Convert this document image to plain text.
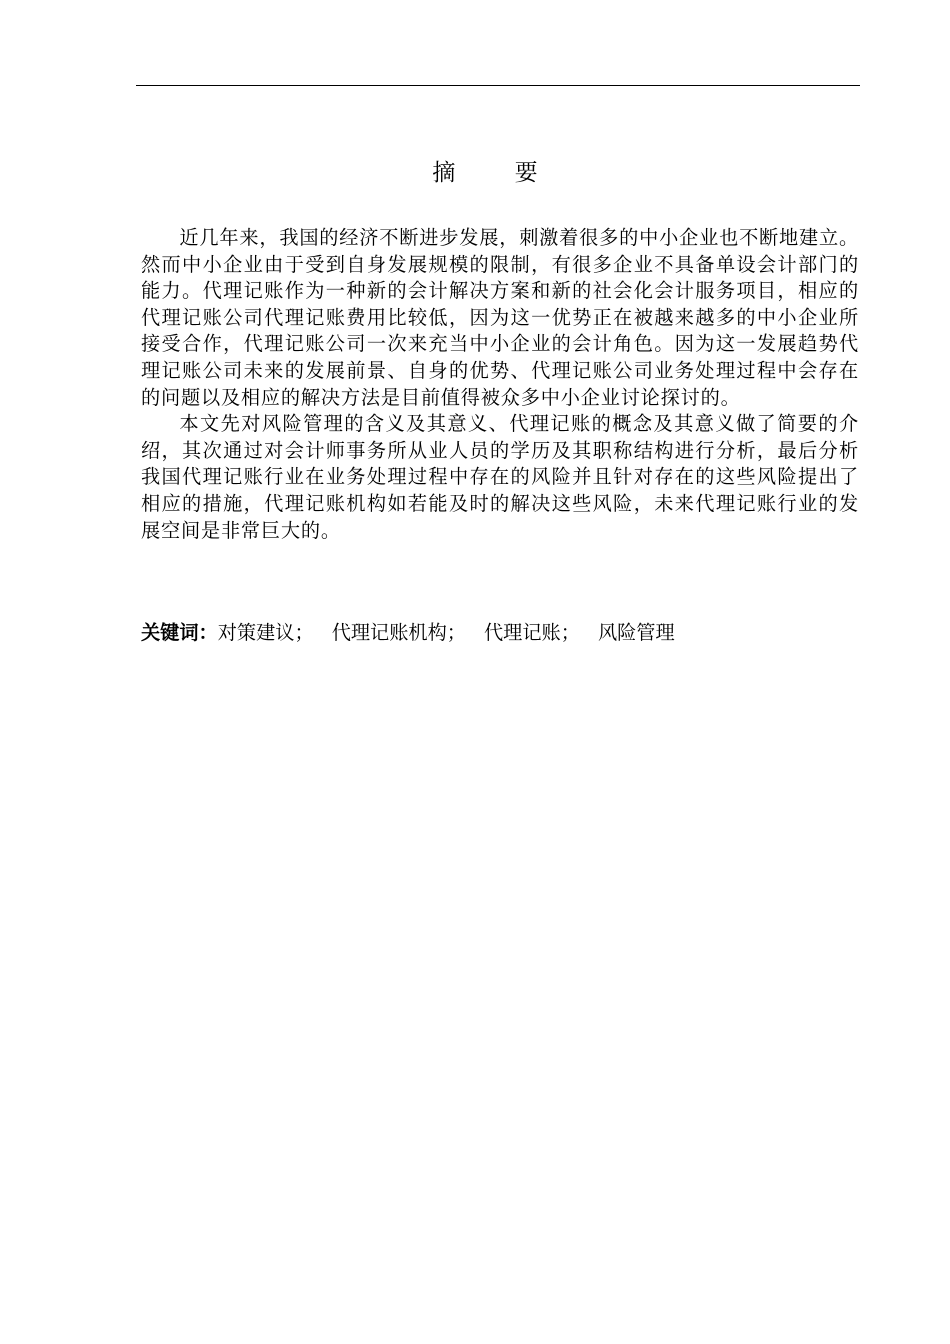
摘 要

近几年来，我国的经济不断进步发展，刺激着很多的中小企业也不断地建立。然而中小企业由于受到自身发展规模的限制，有很多企业不具备单设会计部门的能力。代理记账作为一种新的会计解决方案和新的社会化会计服务项目，相应的代理记账公司代理记账费用比较低，因为这一优势正在被越来越多的中小企业所接受合作，代理记账公司一次来充当中小企业的会计角色。因为这一发展趋势代理记账公司未来的发展前景、自身的优势、代理记账公司业务处理过程中会存在的问题以及相应的解决方法是目前值得被众多中小企业讨论探讨的。

本文先对风险管理的含义及其意义、代理记账的概念及其意义做了简要的介绍，其次通过对会计师事务所从业人员的学历及其职称结构进行分析，最后分析我国代理记账行业在业务处理过程中存在的风险并且针对存在的这些风险提出了相应的措施，代理记账机构如若能及时的解决这些风险，未来代理记账行业的发展空间是非常巨大的。

关键词：对策建议； 代理记账机构； 代理记账； 风险管理
